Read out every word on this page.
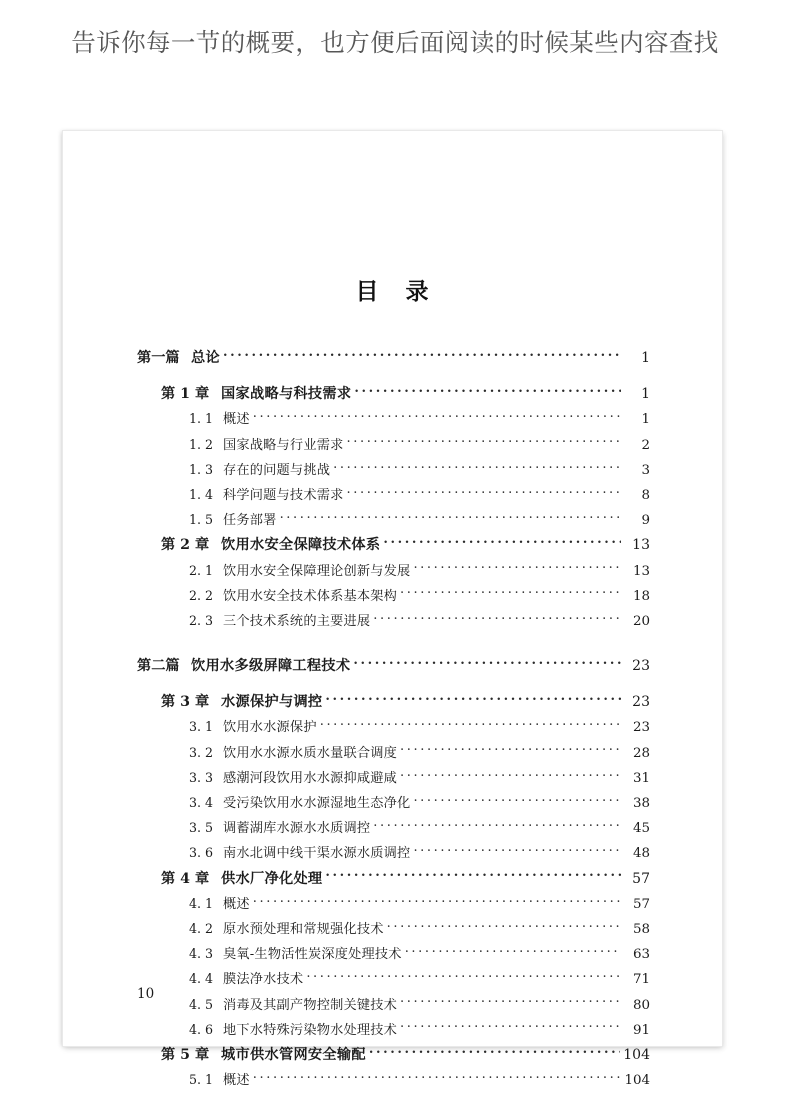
告诉你每一节的概要，也方便后面阅读的时候某些内容查找
目 录
第一篇 总论 .....	1
第 1 章 国家战略与科技需求 .....	1
1. 1 概述 .....	1
1. 2 国家战略与行业需求 .....	2
1. 3 存在的问题与挑战 .....	3
1. 4 科学问题与技术需求 .....	8
1. 5 任务部署 .....	9
第 2 章 饮用水安全保障技术体系 .....	13
2. 1 饮用水安全保障理论创新与发展 .....	13
2. 2 饮用水安全技术体系基本架构 .....	18
2. 3 三个技术系统的主要进展 .....	20
第二篇 饮用水多级屏障工程技术 .....	23
第 3 章 水源保护与调控 .....	23
3. 1 饮用水水源保护 .....	23
3. 2 饮用水水源水质水量联合调度 .....	28
3. 3 感潮河段饮用水水源抑咸避咸 .....	31
3. 4 受污染饮用水水源湿地生态净化 .....	38
3. 5 调蓄湖库水源水水质调控 .....	45
3. 6 南水北调中线干渠水源水质调控 .....	48
第 4 章 供水厂净化处理 .....	57
4. 1 概述 .....	57
4. 2 原水预处理和常规强化技术 .....	58
4. 3 臭氧-生物活性炭深度处理技术 .....	63
4. 4 膜法净水技术 .....	71
4. 5 消毒及其副产物控制关键技术 .....	80
4. 6 地下水特殊污染物水处理技术 .....	91
第 5 章 城市供水管网安全输配 .....	104
5. 1 概述 .....	104
10
